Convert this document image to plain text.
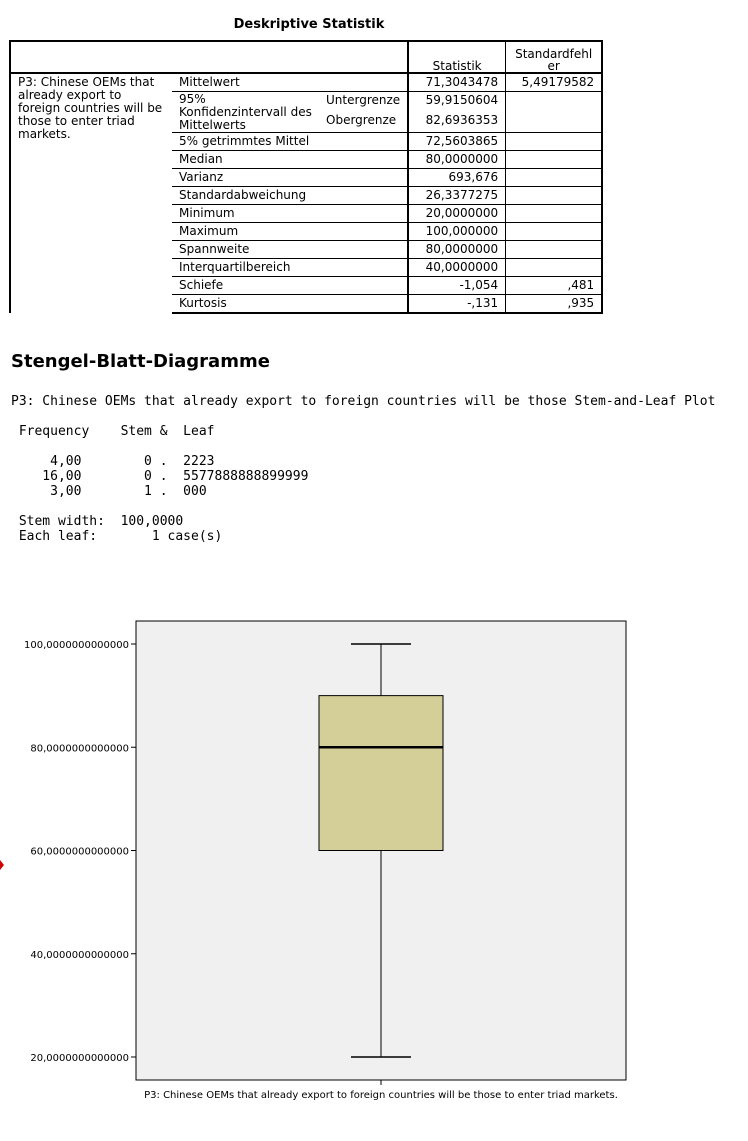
Deskriptive Statistik
			Statistik	Standardfehl
er
P3: Chinese OEMs that already export to foreign countries will be those to enter triad markets.	Mittelwert		71,3043478	5,49179582
	95% Konfidenzintervall des Mittelwerts	Untergrenze	59,9150604	
		Obergrenze	82,6936353	
	5% getrimmtes Mittel		72,5603865	
	Median		80,0000000	
	Varianz		693,676	
	Standardabweichung		26,3377275	
	Minimum		20,0000000	
	Maximum		100,000000	
	Spannweite		80,0000000	
	Interquartilbereich		40,0000000	
	Schiefe		-1,054	,481
	Kurtosis		-,131	,935
Stengel-Blatt-Diagramme
P3: Chinese OEMs that already export to foreign countries will be those Stem-and-Leaf Plot

Frequency    Stem &  Leaf

4,00        0 .  2223
16,00        0 .  5577888888899999
3,00        1 .  000

Stem width:  100,0000
Each leaf:       1 case(s)
20,0000000000000
40,0000000000000
60,0000000000000
80,0000000000000
100,0000000000000
P3: Chinese OEMs that already export to foreign countries will be those to enter triad markets.
